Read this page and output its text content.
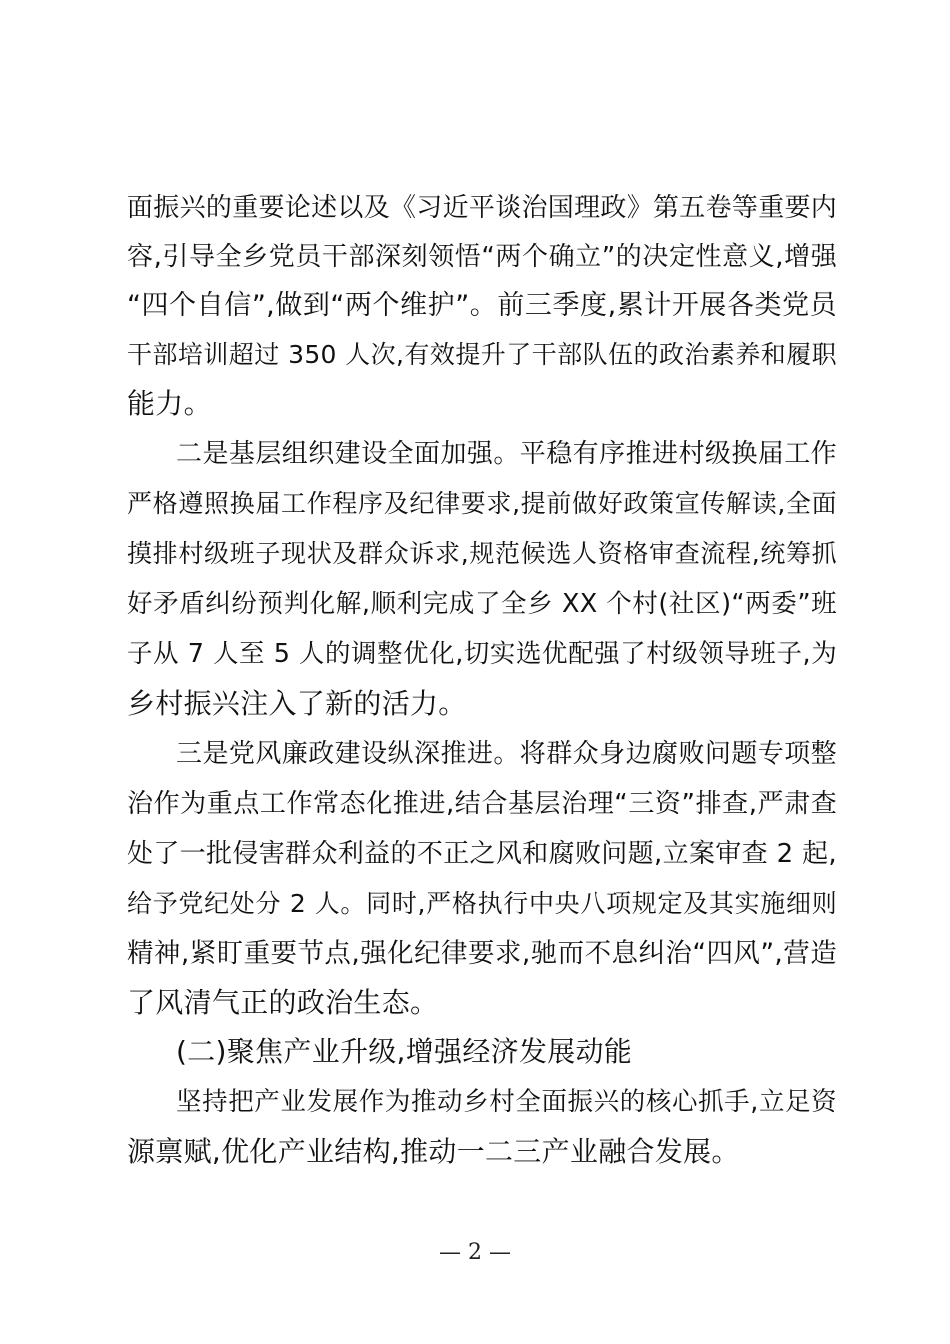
面振兴的重要论述以及《习近平谈治国理政》第五卷等重要内
容,引导全乡党员干部深刻领悟“两个确立”的决定性意义,增强
“四个自信”,做到“两个维护”。前三季度,累计开展各类党员
干部培训超过 350 人次,有效提升了干部队伍的政治素养和履职
能力。
二是基层组织建设全面加强。平稳有序推进村级换届工作
严格遵照换届工作程序及纪律要求,提前做好政策宣传解读,全面
摸排村级班子现状及群众诉求,规范候选人资格审查流程,统筹抓
好矛盾纠纷预判化解,顺利完成了全乡 XX 个村(社区)“两委”班
子从 7 人至 5 人的调整优化,切实选优配强了村级领导班子,为
乡村振兴注入了新的活力。
三是党风廉政建设纵深推进。将群众身边腐败问题专项整
治作为重点工作常态化推进,结合基层治理“三资”排查,严肃查
处了一批侵害群众利益的不正之风和腐败问题,立案审查 2 起,
给予党纪处分 2 人。同时,严格执行中央八项规定及其实施细则
精神,紧盯重要节点,强化纪律要求,驰而不息纠治“四风”,营造
了风清气正的政治生态。
(二)聚焦产业升级,增强经济发展动能
坚持把产业发展作为推动乡村全面振兴的核心抓手,立足资
源禀赋,优化产业结构,推动一二三产业融合发展。
— 2 —
